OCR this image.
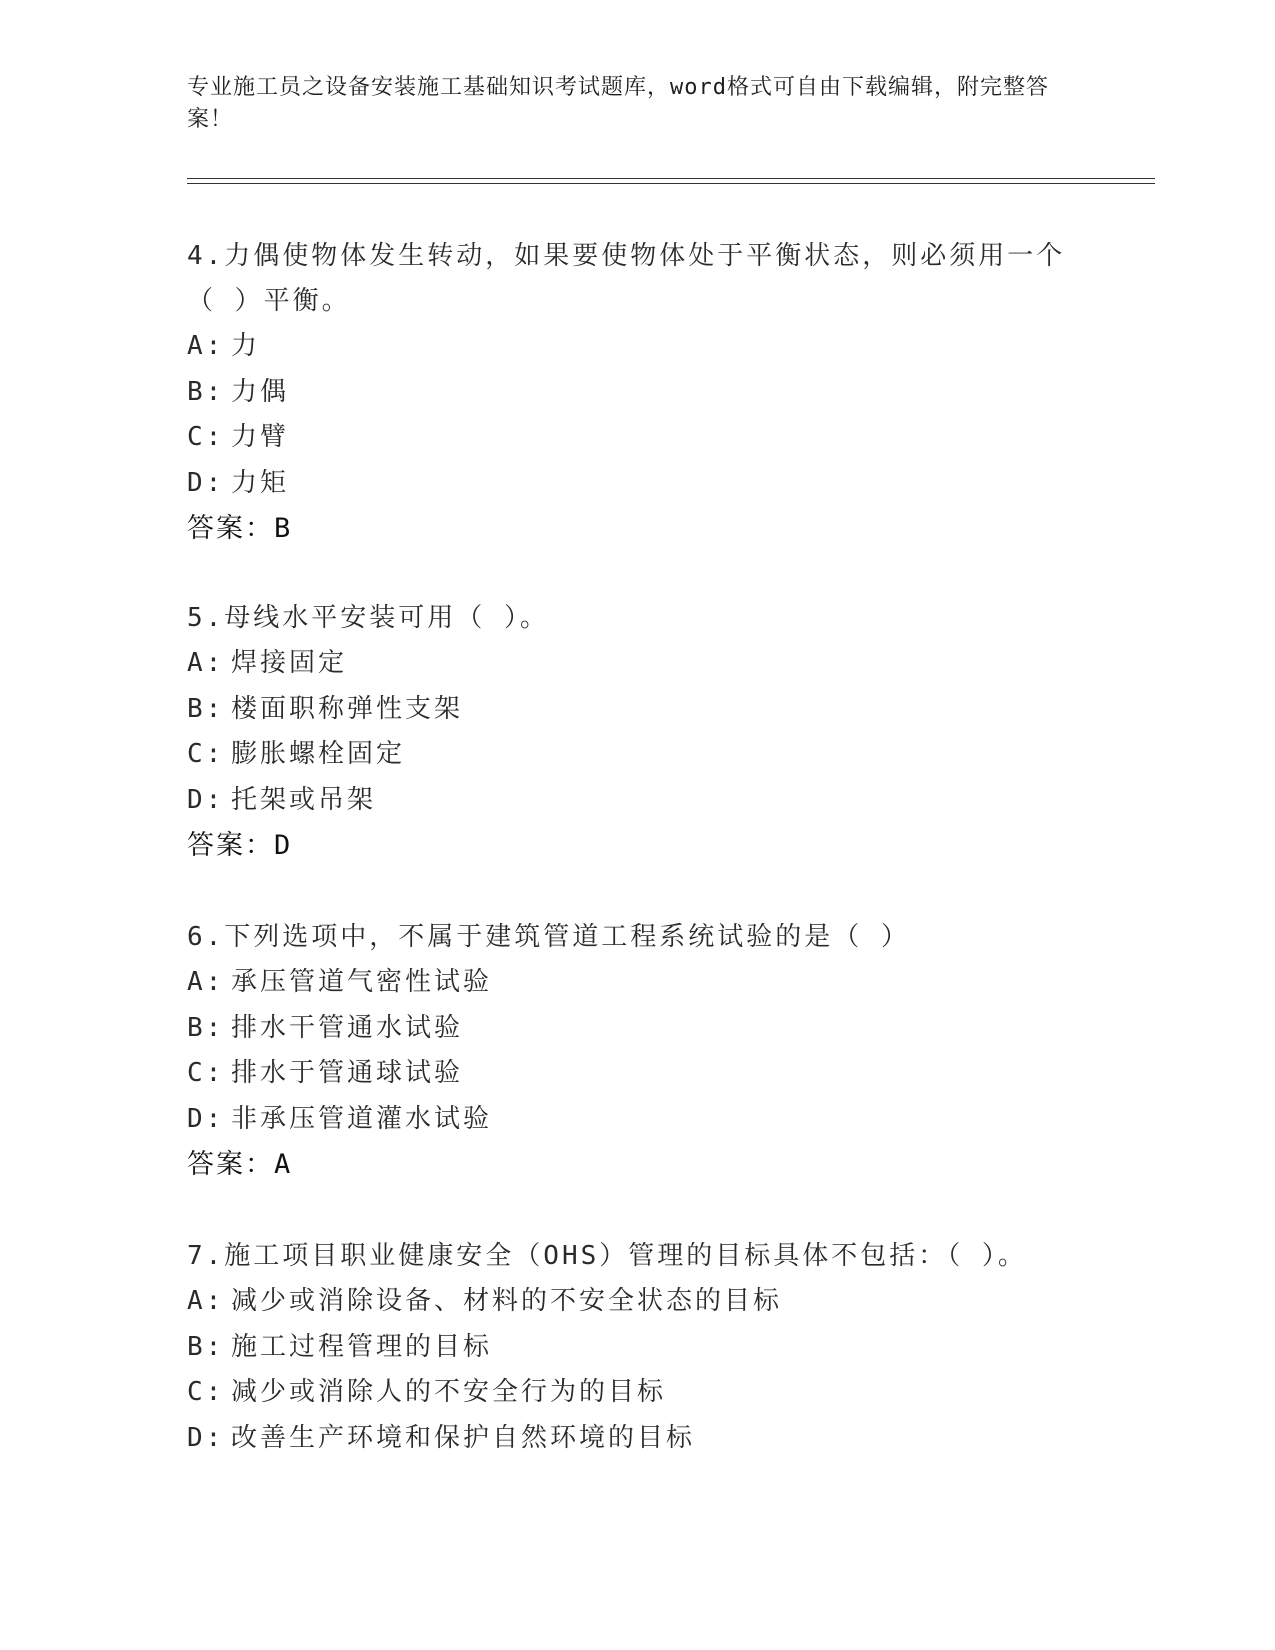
专业施工员之设备安装施工基础知识考试题库，word格式可自由下载编辑，附完整答案！
4.力偶使物体发生转动，如果要使物体处于平衡状态，则必须用一个（ ）平衡。
A: 力
B: 力偶
C: 力臂
D: 力矩
答案：B
5.母线水平安装可用（ ）。
A: 焊接固定
B: 楼面职称弹性支架
C: 膨胀螺栓固定
D: 托架或吊架
答案：D
6.下列选项中，不属于建筑管道工程系统试验的是（ ）
A: 承压管道气密性试验
B: 排水干管通水试验
C: 排水于管通球试验
D: 非承压管道灌水试验
答案：A
7.施工项目职业健康安全（OHS）管理的目标具体不包括：（ ）。
A: 减少或消除设备、材料的不安全状态的目标
B: 施工过程管理的目标
C: 减少或消除人的不安全行为的目标
D: 改善生产环境和保护自然环境的目标
